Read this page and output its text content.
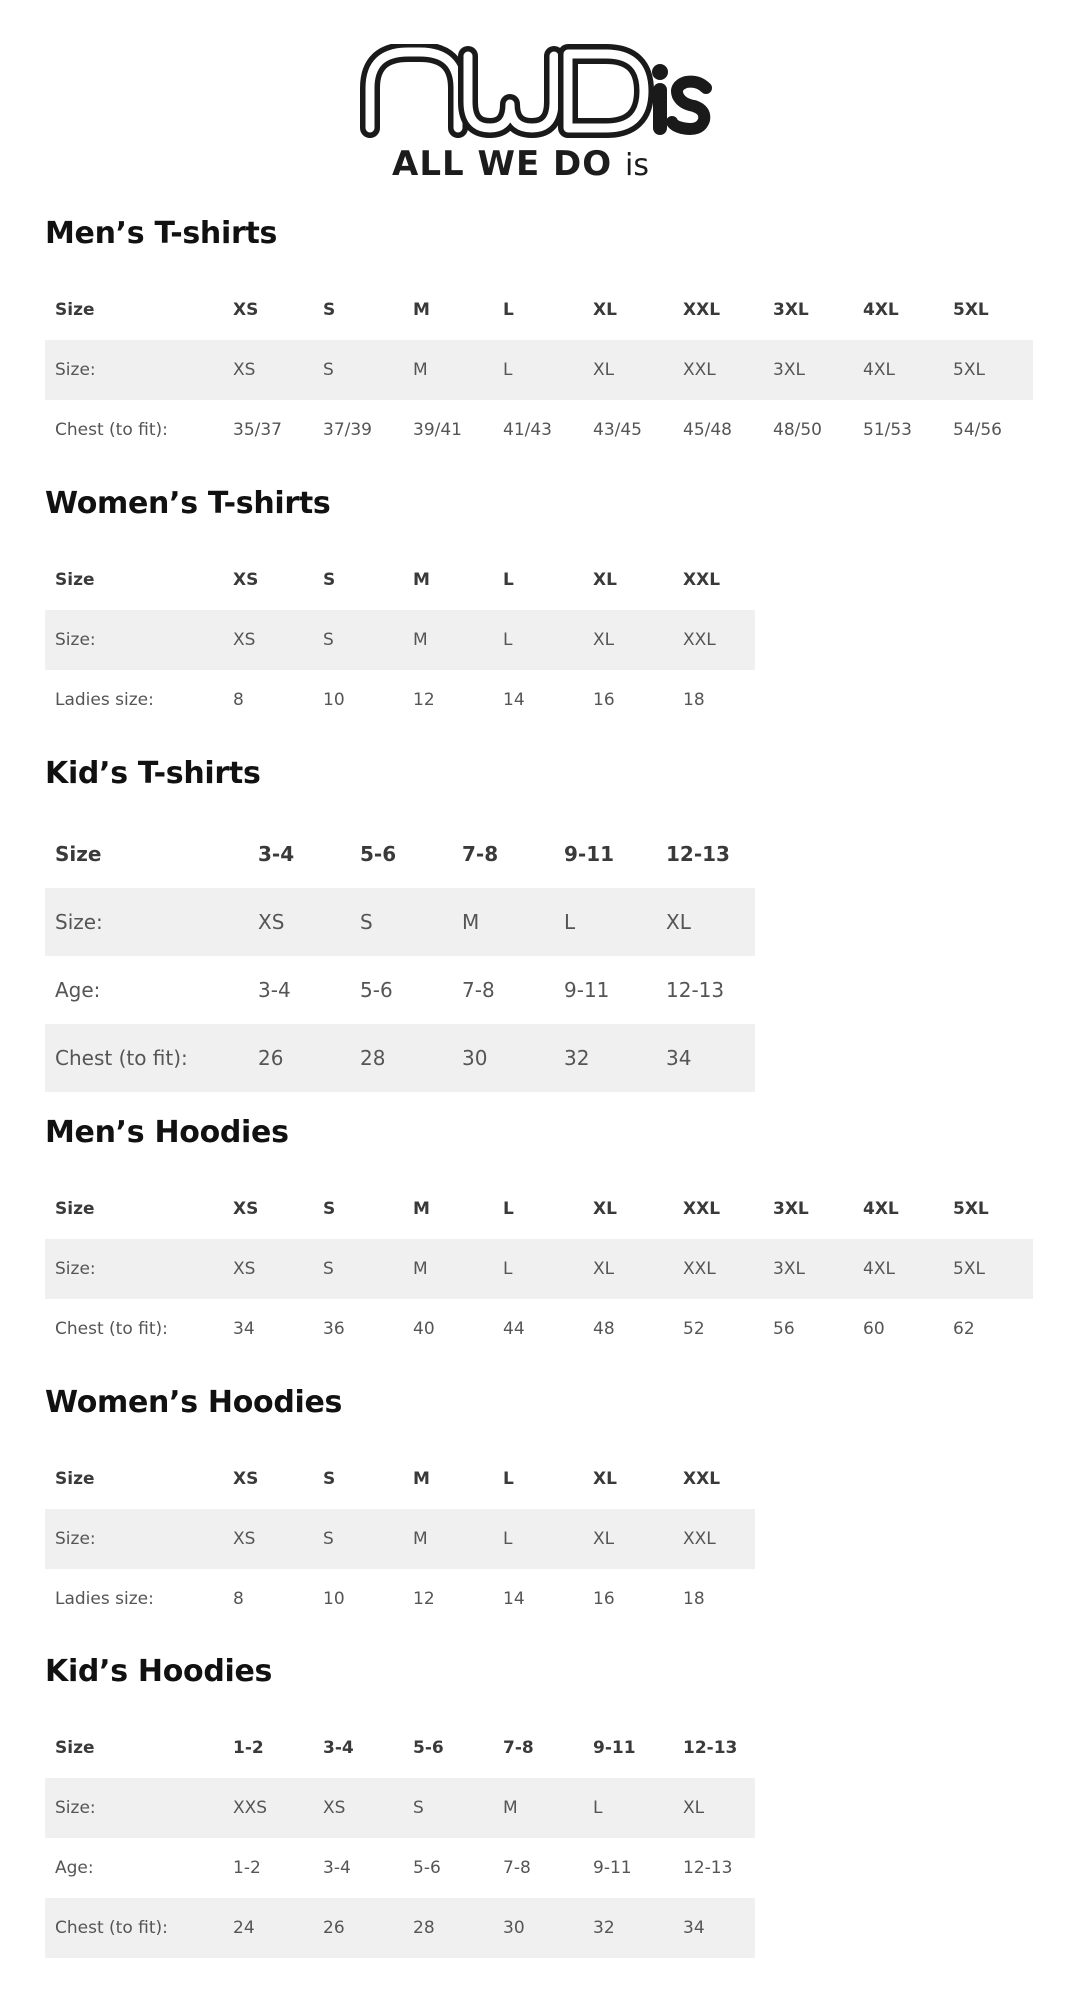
ALL WE DO is

Men’s T-shirts
Size	XS	S	M	L	XL	XXL	3XL	4XL	5XL
Size:	XS	S	M	L	XL	XXL	3XL	4XL	5XL
Chest (to fit):	35/37	37/39	39/41	41/43	43/45	45/48	48/50	51/53	54/56
Women’s T-shirts
Size	XS	S	M	L	XL	XXL
Size:	XS	S	M	L	XL	XXL
Ladies size:	8	10	12	14	16	18
Kid’s T-shirts
Size	3-4	5-6	7-8	9-11	12-13
Size:	XS	S	M	L	XL
Age:	3-4	5-6	7-8	9-11	12-13
Chest (to fit):	26	28	30	32	34
Men’s Hoodies
Size	XS	S	M	L	XL	XXL	3XL	4XL	5XL
Size:	XS	S	M	L	XL	XXL	3XL	4XL	5XL
Chest (to fit):	34	36	40	44	48	52	56	60	62
Women’s Hoodies
Size	XS	S	M	L	XL	XXL
Size:	XS	S	M	L	XL	XXL
Ladies size:	8	10	12	14	16	18
Kid’s Hoodies
Size	1-2	3-4	5-6	7-8	9-11	12-13
Size:	XXS	XS	S	M	L	XL
Age:	1-2	3-4	5-6	7-8	9-11	12-13
Chest (to fit):	24	26	28	30	32	34
